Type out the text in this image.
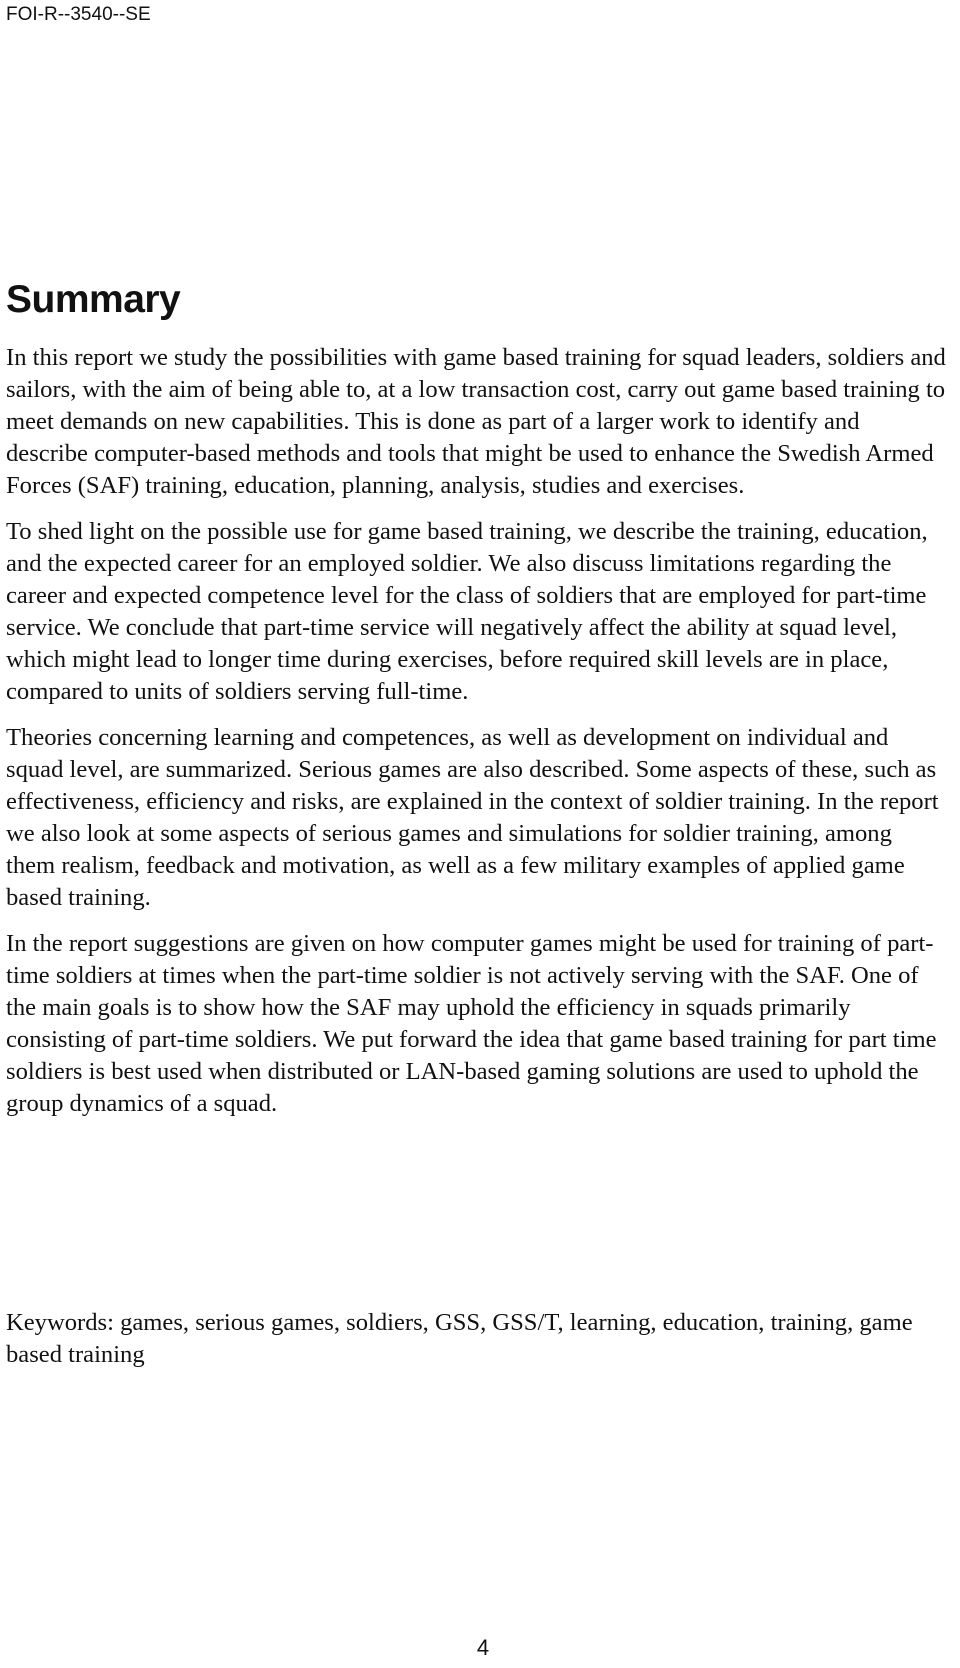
FOI-R--3540--SE

Summary

In this report we study the possibilities with game based training for squad leaders, soldiers and sailors, with the aim of being able to, at a low transaction cost, carry out game based training to meet demands on new capabilities. This is done as part of a larger work to identify and describe computer-based methods and tools that might be used to enhance the Swedish Armed Forces (SAF) training, education, planning, analysis, studies and exercises.

To shed light on the possible use for game based training, we describe the training, education, and the expected career for an employed soldier. We also discuss limitations regarding the career and expected competence level for the class of soldiers that are employed for part-time service. We conclude that part-time service will negatively affect the ability at squad level, which might lead to longer time during exercises, before required skill levels are in place, compared to units of soldiers serving full-time.

Theories concerning learning and competences, as well as development on individual and squad level, are summarized. Serious games are also described. Some aspects of these, such as effectiveness, efficiency and risks, are explained in the context of soldier training. In the report we also look at some aspects of serious games and simulations for soldier training, among them realism, feedback and motivation, as well as a few military examples of applied game based training.

In the report suggestions are given on how computer games might be used for training of part-time soldiers at times when the part-time soldier is not actively serving with the SAF. One of the main goals is to show how the SAF may uphold the efficiency in squads primarily consisting of part-time soldiers. We put forward the idea that game based training for part time soldiers is best used when distributed or LAN-based gaming solutions are used to uphold the group dynamics of a squad.

Keywords: games, serious games, soldiers, GSS, GSS/T, learning, education, training, game based training

4
